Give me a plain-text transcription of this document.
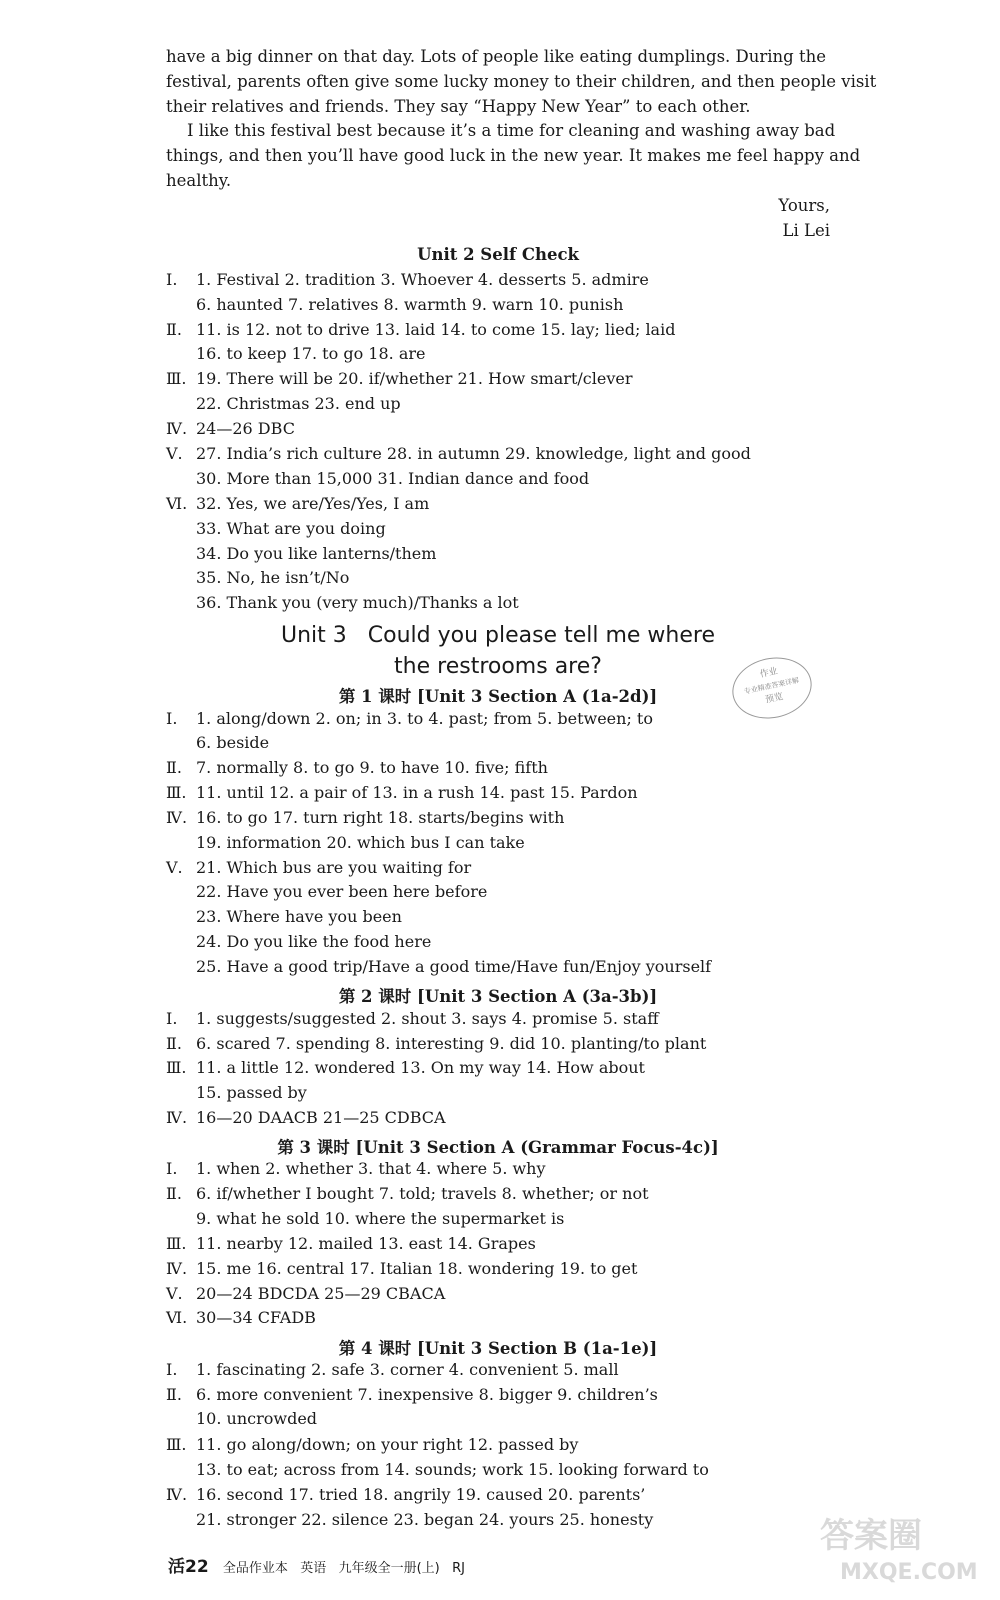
have a big dinner on that day. Lots of people like eating dumplings. During the
festival, parents often give some lucky money to their children, and then people visit
their relatives and friends. They say “Happy New Year” to each other.
I like this festival best because it’s a time for cleaning and washing away bad
things, and then you’ll have good luck in the new year. It makes me feel happy and
healthy.
Yours,
Li Lei
Unit 2 Self Check
Ⅰ. 1. Festival 2. tradition 3. Whoever 4. desserts 5. admire
6. haunted 7. relatives 8. warmth 9. warn 10. punish
Ⅱ. 11. is 12. not to drive 13. laid 14. to come 15. lay; lied; laid
16. to keep 17. to go 18. are
Ⅲ. 19. There will be 20. if/whether 21. How smart/clever
22. Christmas 23. end up
Ⅳ. 24—26 DBC
Ⅴ. 27. India’s rich culture 28. in autumn 29. knowledge, light and good
30. More than 15,000 31. Indian dance and food
Ⅵ. 32. Yes, we are/Yes/Yes, I am
33. What are you doing
34. Do you like lanterns/them
35. No, he isn’t/No
36. Thank you (very much)/Thanks a lot
Unit 3   Could you please tell me where
the restrooms are?	作业
专业精准答案详解
预览
第 1 课时 [Unit 3 Section A (1a-2d)]
Ⅰ. 1. along/down 2. on; in 3. to 4. past; from 5. between; to
6. beside
Ⅱ. 7. normally 8. to go 9. to have 10. five; fifth
Ⅲ. 11. until 12. a pair of 13. in a rush 14. past 15. Pardon
Ⅳ. 16. to go 17. turn right 18. starts/begins with
19. information 20. which bus I can take
Ⅴ. 21. Which bus are you waiting for
22. Have you ever been here before
23. Where have you been
24. Do you like the food here
25. Have a good trip/Have a good time/Have fun/Enjoy yourself
第 2 课时 [Unit 3 Section A (3a-3b)]
Ⅰ. 1. suggests/suggested 2. shout 3. says 4. promise 5. staff
Ⅱ. 6. scared 7. spending 8. interesting 9. did 10. planting/to plant
Ⅲ. 11. a little 12. wondered 13. On my way 14. How about
15. passed by
Ⅳ. 16—20 DAACB 21—25 CDBCA
第 3 课时 [Unit 3 Section A (Grammar Focus-4c)]
Ⅰ. 1. when 2. whether 3. that 4. where 5. why
Ⅱ. 6. if/whether I bought 7. told; travels 8. whether; or not
9. what he sold 10. where the supermarket is
Ⅲ. 11. nearby 12. mailed 13. east 14. Grapes
Ⅳ. 15. me 16. central 17. Italian 18. wondering 19. to get
Ⅴ. 20—24 BDCDA 25—29 CBACA
Ⅵ. 30—34 CFADB
第 4 课时 [Unit 3 Section B (1a-1e)]
Ⅰ. 1. fascinating 2. safe 3. corner 4. convenient 5. mall
Ⅱ. 6. more convenient 7. inexpensive 8. bigger 9. children’s
10. uncrowded
Ⅲ. 11. go along/down; on your right 12. passed by
13. to eat; across from 14. sounds; work 15. looking forward to
Ⅳ. 16. second 17. tried 18. angrily 19. caused 20. parents’
21. stronger 22. silence 23. began 24. yours 25. honesty
活22 全品作业本   英语   九年级全一册(上)   RJ
答案圈
MXQE.COM
